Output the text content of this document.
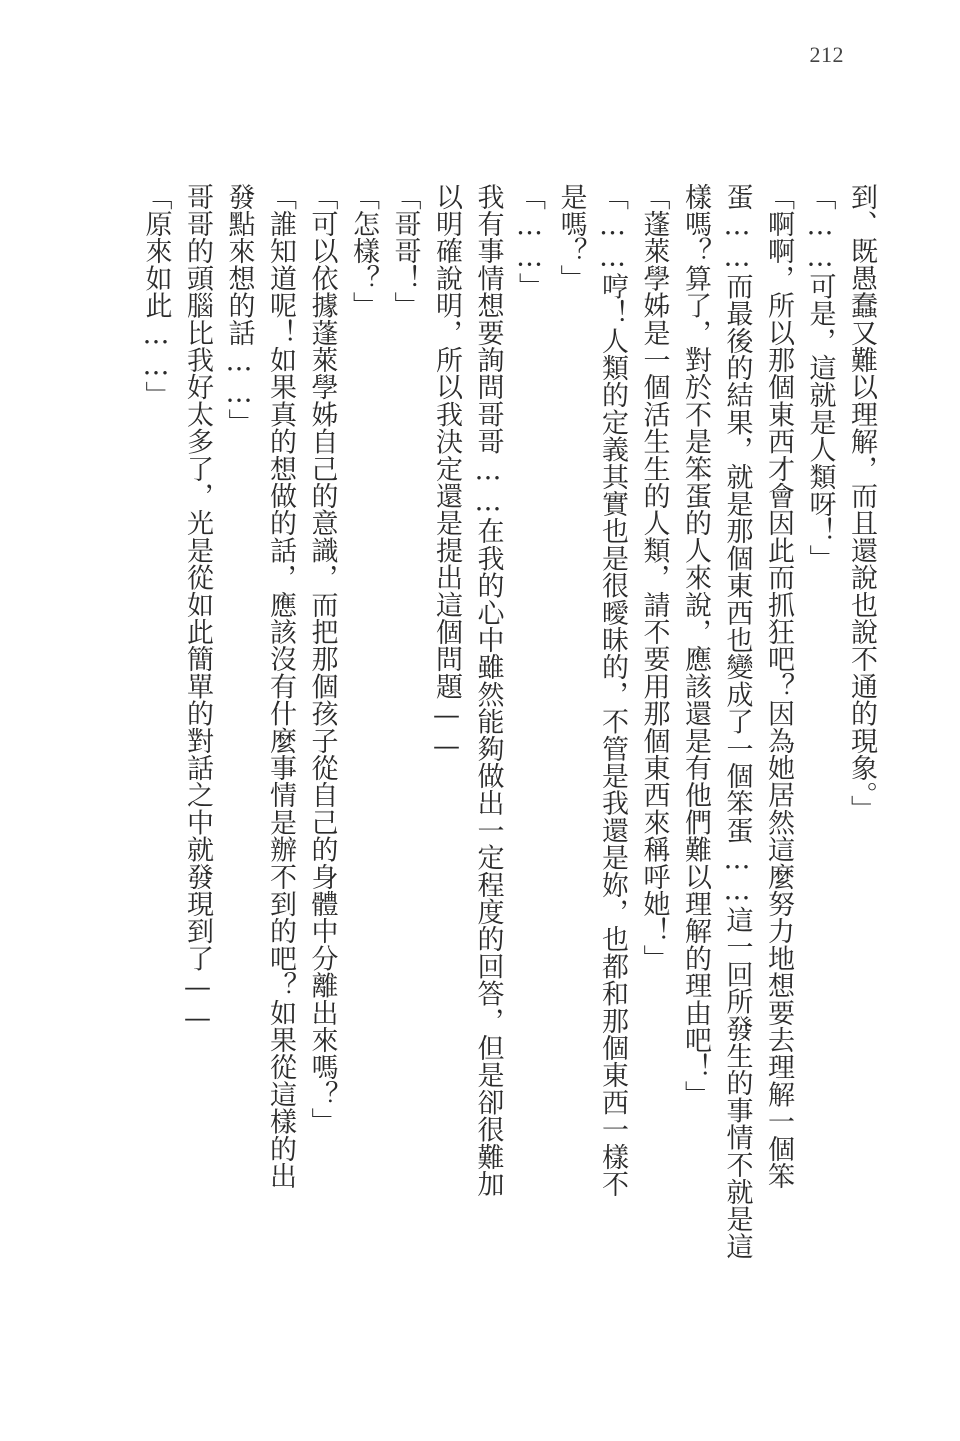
212
到、既愚蠢又難以理解，而且還說也說不通的現象。」
「……可是，這就是人類呀！」
「啊啊，所以那個東西才會因此而抓狂吧？因為她居然這麼努力地想要去理解一個笨
蛋……而最後的結果，就是那個東西也變成了一個笨蛋……這一回所發生的事情不就是這
樣嗎？算了，對於不是笨蛋的人來說，應該還是有他們難以理解的理由吧！」
「蓬萊學姊是一個活生生的人類，請不要用那個東西來稱呼她！」
「……哼！人類的定義其實也是很曖昧的，不管是我還是妳，也都和那個東西一樣不
是嗎？」
「……」
我有事情想要詢問哥哥……在我的心中雖然能夠做出一定程度的回答，但是卻很難加
以明確說明，所以我決定還是提出這個問題——
「哥哥！」
「怎樣？」
「可以依據蓬萊學姊自己的意識，而把那個孩子從自己的身體中分離出來嗎？」
「誰知道呢！如果真的想做的話，應該沒有什麼事情是辦不到的吧？如果從這樣的出
發點來想的話……」
哥哥的頭腦比我好太多了，光是從如此簡單的對話之中就發現到了——
「原來如此……」
